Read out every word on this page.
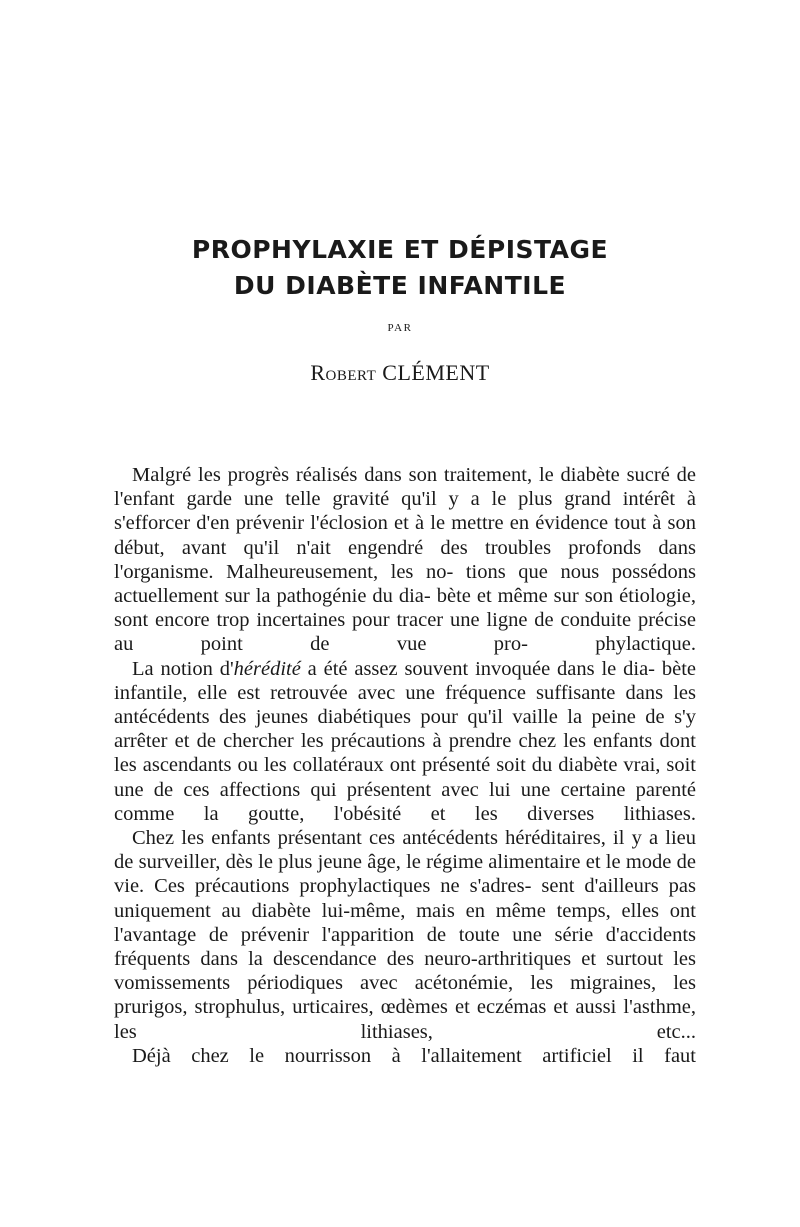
PROPHYLAXIE ET DÉPISTAGE
DU DIABÈTE INFANTILE
PAR
Robert CLÉMENT

Malgré les progrès réalisés dans son traitement, le diabète sucré de l'enfant garde une telle gravité qu'il y a le plus grand intérêt à s'efforcer d'en prévenir l'éclosion et à le mettre en évidence tout à son début, avant qu'il n'ait engendré des troubles profonds dans l'organisme. Malheureusement, les no- tions que nous possédons actuellement sur la pathogénie du dia- bète et même sur son étiologie, sont encore trop incertaines pour tracer une ligne de conduite précise au point de vue pro-	phylactique.

La notion d'hérédité a été assez souvent invoquée dans le dia- bète infantile, elle est retrouvée avec une fréquence suffisante dans les antécédents des jeunes diabétiques pour qu'il vaille la peine de s'y arrêter et de chercher les précautions à prendre chez les enfants dont les ascendants ou les collatéraux ont présenté soit du diabète vrai, soit une de ces affections qui présentent avec lui une certaine parenté comme la goutte, l'obésité et les diverses lithiases.

Chez les enfants présentant ces antécédents héréditaires, il y a lieu de surveiller, dès le plus jeune âge, le régime alimentaire et le mode de vie. Ces précautions prophylactiques ne s'adres- sent d'ailleurs pas uniquement au diabète lui-même, mais en même temps, elles ont l'avantage de prévenir l'apparition de toute une série d'accidents fréquents dans la descendance des neuro-arthritiques et surtout les vomissements périodiques avec acétonémie, les migraines, les prurigos, strophulus, urticaires, œdèmes et eczémas et aussi l'asthme, les lithiases, etc...

Déjà chez le nourrisson à l'allaitement artificiel il faut
